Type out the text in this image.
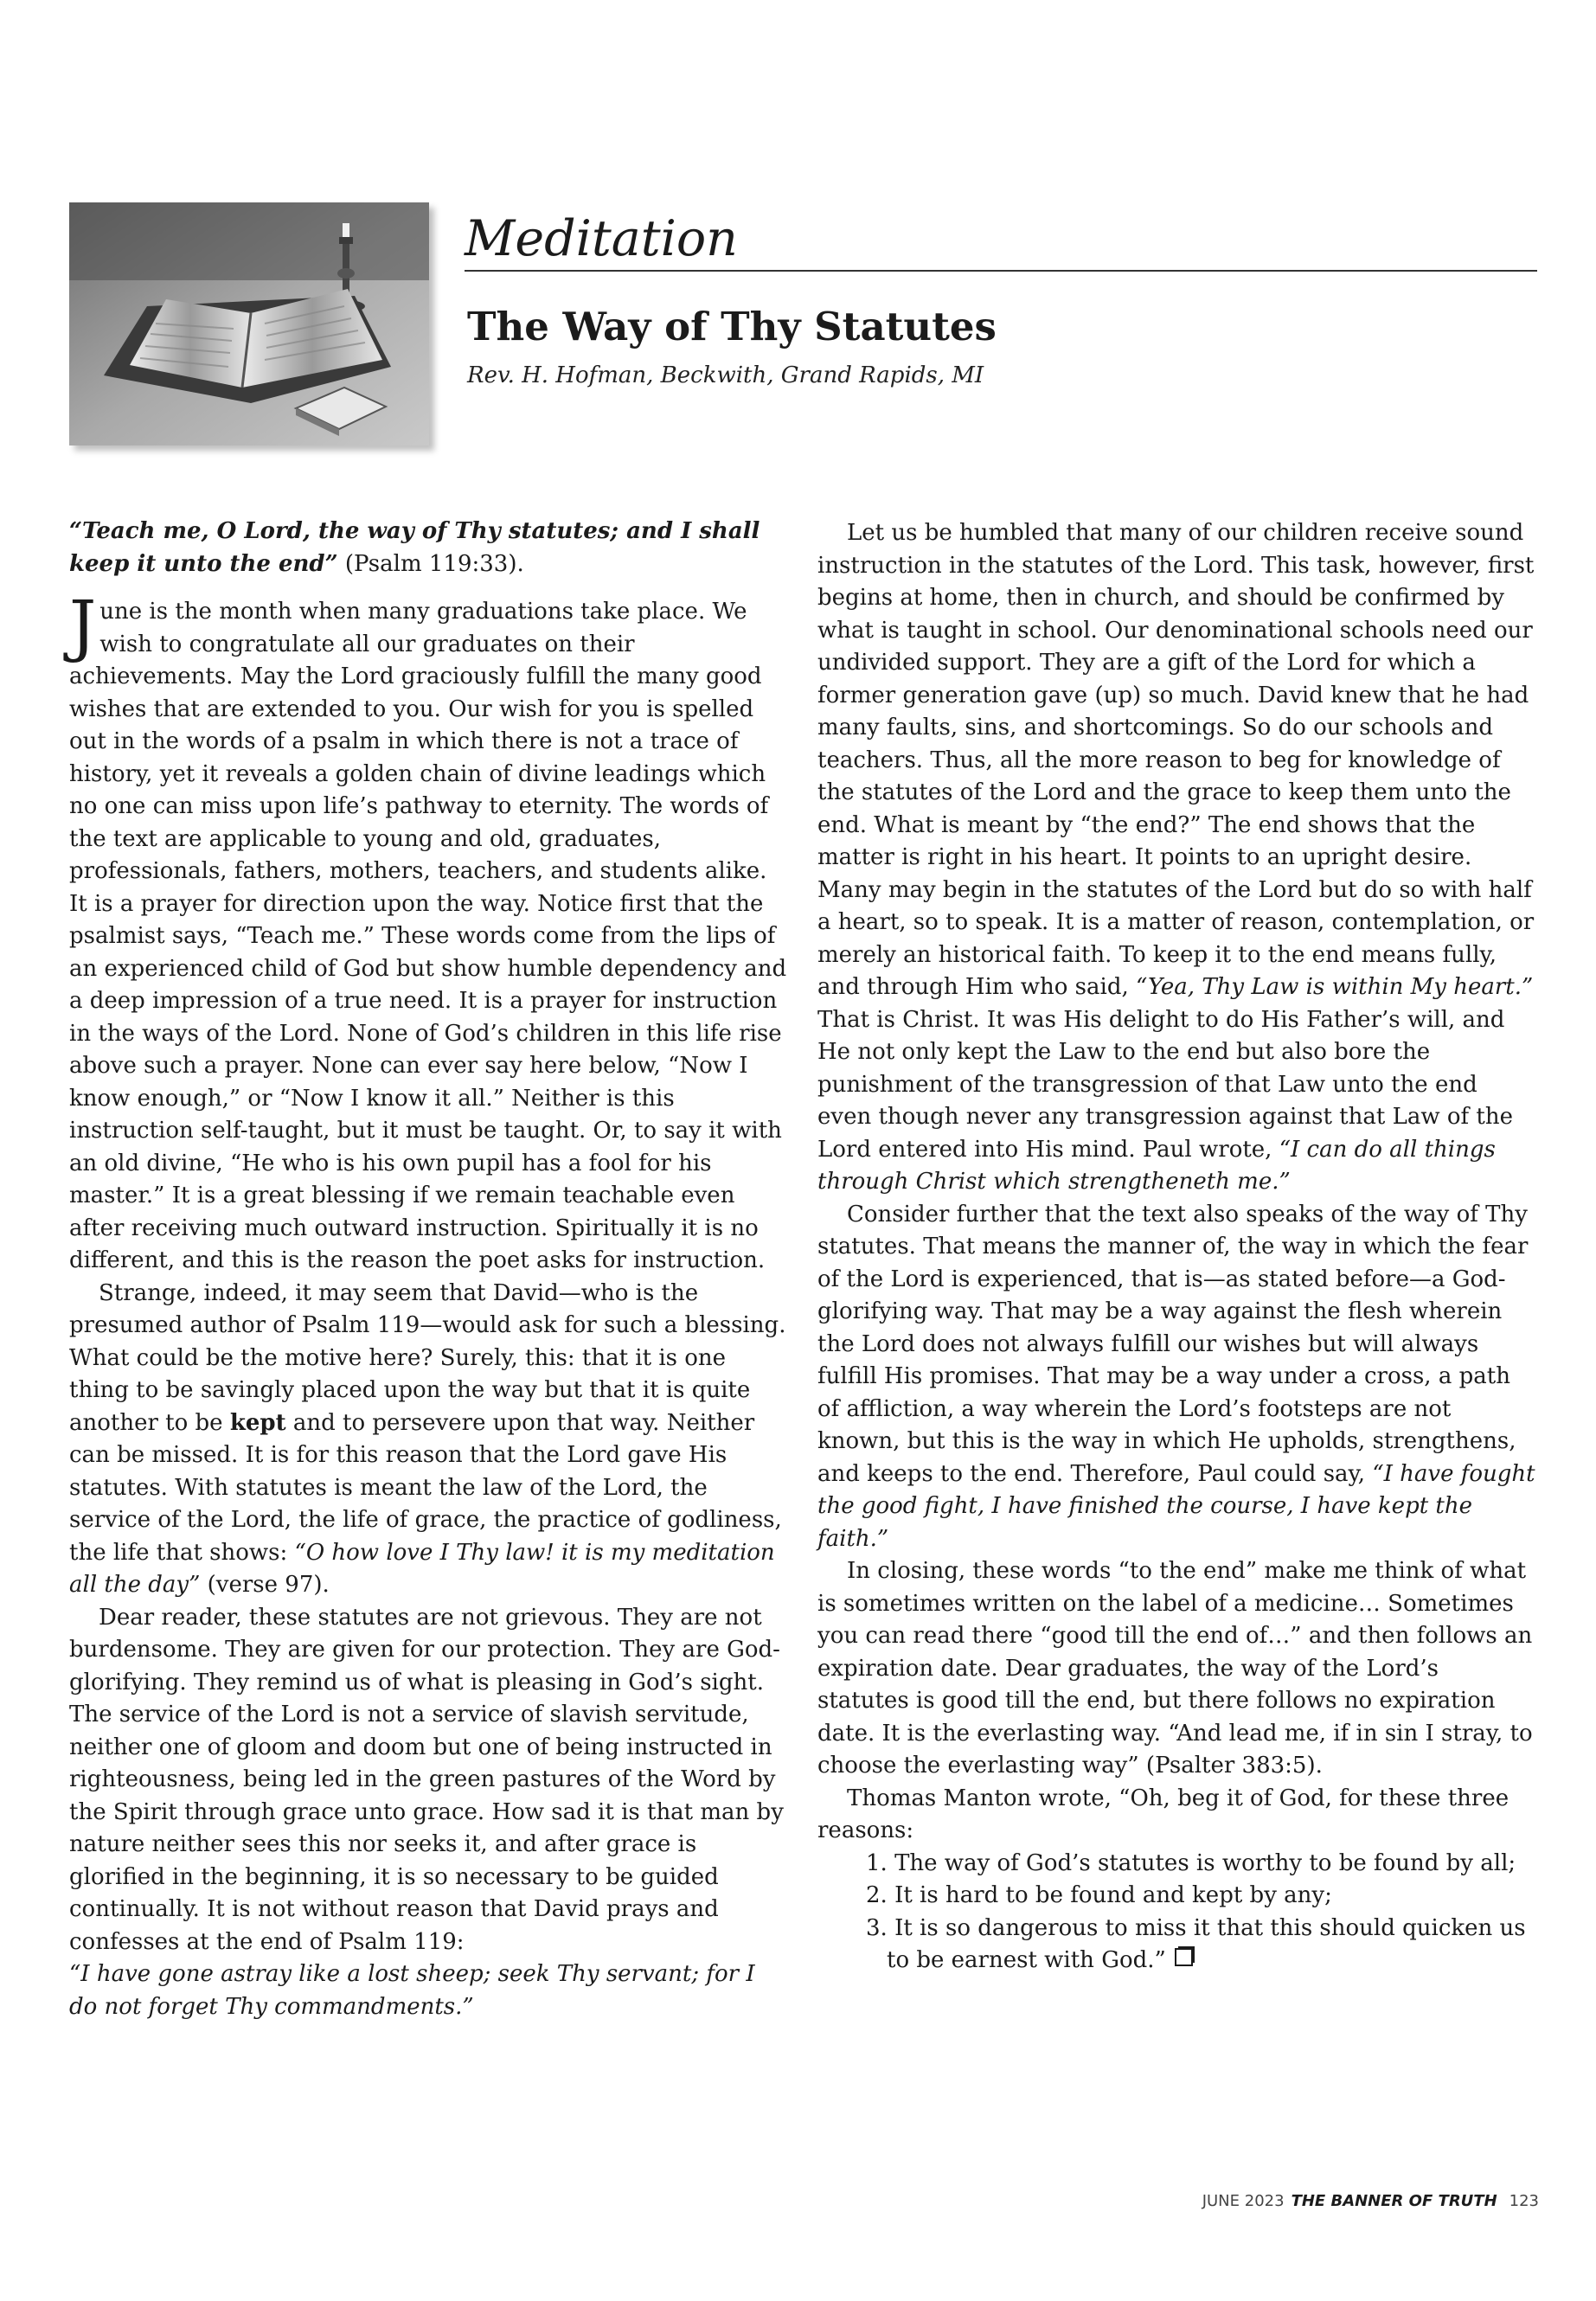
Meditation
The Way of Thy Statutes
Rev. H. Hofman, Beckwith, Grand Rapids, MI

“Teach me, O Lord, the way of Thy statutes; and I shall keep it unto the end” (Psalm 119:33).

June is the month when many graduations take place. We wish to congratulate all our graduates on their achievements. May the Lord graciously fulfill the many good wishes that are extended to you. Our wish for you is spelled out in the words of a psalm in which there is not a trace of history, yet it reveals a golden chain of divine leadings which no one can miss upon life’s pathway to eternity. The words of the text are applicable to young and old, graduates, professionals, fathers, mothers, teachers, and students alike. It is a prayer for direction upon the way. Notice first that the psalmist says, “Teach me.” These words come from the lips of an experienced child of God but show humble dependency and a deep impression of a true need. It is a prayer for instruction in the ways of the Lord. None of God’s children in this life rise above such a prayer. None can ever say here below, “Now I know enough,” or “Now I know it all.” Neither is this instruction self-taught, but it must be taught. Or, to say it with an old divine, “He who is his own pupil has a fool for his master.” It is a great blessing if we remain teachable even after receiving much outward instruction. Spiritually it is no different, and this is the reason the poet asks for instruction.

Strange, indeed, it may seem that David—who is the presumed author of Psalm 119—would ask for such a blessing. What could be the motive here? Surely, this: that it is one thing to be savingly placed upon the way but that it is quite another to be kept and to persevere upon that way. Neither can be missed. It is for this reason that the Lord gave His statutes. With statutes is meant the law of the Lord, the service of the Lord, the life of grace, the practice of godliness, the life that shows: “O how love I Thy law! it is my meditation all the day” (verse 97).

Dear reader, these statutes are not grievous. They are not burdensome. They are given for our protection. They are God-glorifying. They remind us of what is pleasing in God’s sight. The service of the Lord is not a service of slavish servitude, neither one of gloom and doom but one of being instructed in righteousness, being led in the green pastures of the Word by the Spirit through grace unto grace. How sad it is that man by nature neither sees this nor seeks it, and after grace is glorified in the beginning, it is so necessary to be guided continually. It is not without reason that David prays and confesses at the end of Psalm 119:

“I have gone astray like a lost sheep; seek Thy servant; for I do not forget Thy commandments.”

Let us be humbled that many of our children receive sound instruction in the statutes of the Lord. This task, however, first begins at home, then in church, and should be confirmed by what is taught in school. Our denominational schools need our undivided support. They are a gift of the Lord for which a former generation gave (up) so much. David knew that he had many faults, sins, and shortcomings. So do our schools and teachers. Thus, all the more reason to beg for knowledge of the statutes of the Lord and the grace to keep them unto the end. What is meant by “the end?” The end shows that the matter is right in his heart. It points to an upright desire. Many may begin in the statutes of the Lord but do so with half a heart, so to speak. It is a matter of reason, contemplation, or merely an historical faith. To keep it to the end means fully, and through Him who said, “Yea, Thy Law is within My heart.” That is Christ. It was His delight to do His Father’s will, and He not only kept the Law to the end but also bore the punishment of the transgression of that Law unto the end even though never any transgression against that Law of the Lord entered into His mind. Paul wrote, “I can do all things through Christ which strengtheneth me.”

Consider further that the text also speaks of the way of Thy statutes. That means the manner of, the way in which the fear of the Lord is experienced, that is—as stated before—a God-glorifying way. That may be a way against the flesh wherein the Lord does not always fulfill our wishes but will always fulfill His promises. That may be a way under a cross, a path of affliction, a way wherein the Lord’s footsteps are not known, but this is the way in which He upholds, strengthens, and keeps to the end. Therefore, Paul could say, “I have fought the good fight, I have finished the course, I have kept the faith.”

In closing, these words “to the end” make me think of what is sometimes written on the label of a medicine… Sometimes you can read there “good till the end of…” and then follows an expiration date. Dear graduates, the way of the Lord’s statutes is good till the end, but there follows no expiration date. It is the everlasting way. “And lead me, if in sin I stray, to choose the everlasting way” (Psalter 383:5).

Thomas Manton wrote, “Oh, beg it of God, for these three reasons:

1. The way of God’s statutes is worthy to be found by all;
2. It is hard to be found and kept by any;
3. It is so dangerous to miss it that this should quicken us to be earnest with God.”
JUNE 2023 THE BANNER OF TRUTH 123
